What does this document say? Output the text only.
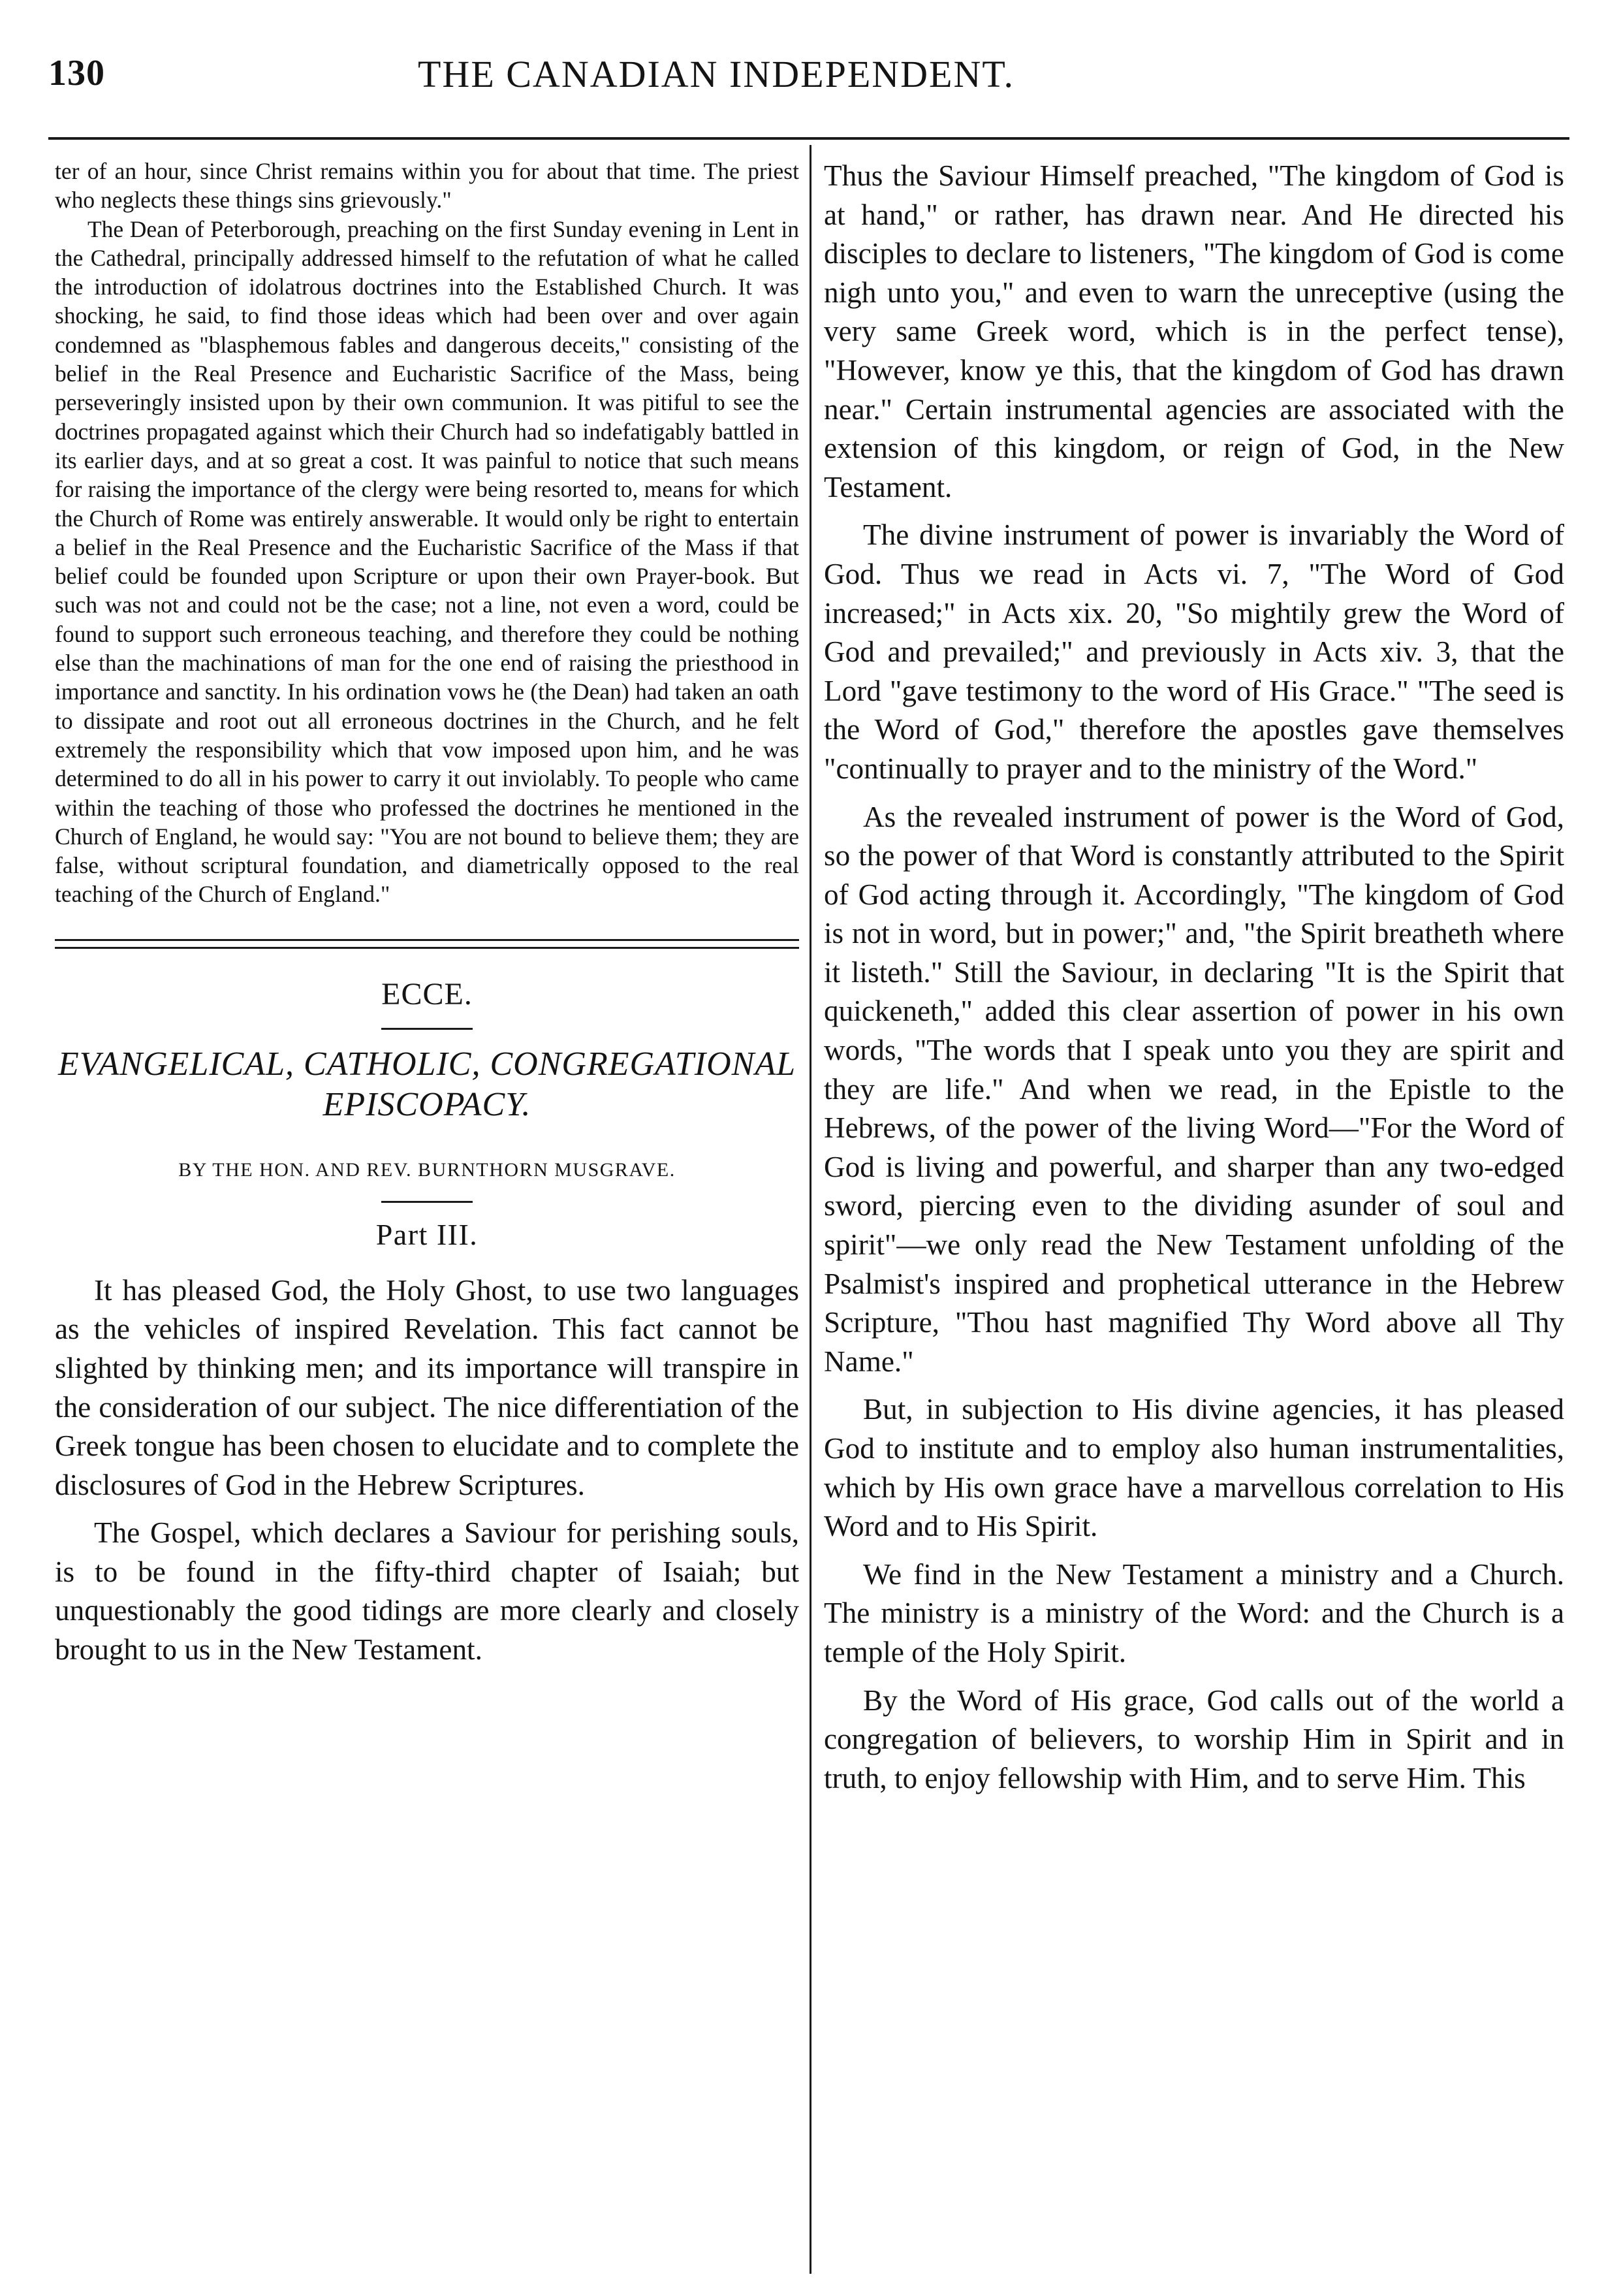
130	THE CANADIAN INDEPENDENT.

ter of an hour, since Christ remains within you for about that time. The priest who neglects these things sins grievously."

The Dean of Peterborough, preaching on the first Sunday evening in Lent in the Cathedral, principally addressed himself to the refutation of what he called the introduction of idolatrous doctrines into the Established Church. It was shocking, he said, to find those ideas which had been over and over again condemned as "blasphemous fables and dangerous deceits," consisting of the belief in the Real Presence and Eucharistic Sacrifice of the Mass, being perseveringly insisted upon by their own communion. It was pitiful to see the doctrines propagated against which their Church had so indefatigably battled in its earlier days, and at so great a cost. It was painful to notice that such means for raising the importance of the clergy were being resorted to, means for which the Church of Rome was entirely answerable. It would only be right to entertain a belief in the Real Presence and the Eucharistic Sacrifice of the Mass if that belief could be founded upon Scripture or upon their own Prayer-book. But such was not and could not be the case; not a line, not even a word, could be found to support such erroneous teaching, and therefore they could be nothing else than the machinations of man for the one end of raising the priesthood in importance and sanctity. In his ordination vows he (the Dean) had taken an oath to dissipate and root out all erroneous doctrines in the Church, and he felt extremely the responsibility which that vow imposed upon him, and he was determined to do all in his power to carry it out inviolably. To people who came within the teaching of those who professed the doctrines he mentioned in the Church of England, he would say: "You are not bound to believe them; they are false, without scriptural foundation, and diametrically opposed to the real teaching of the Church of England."

ECCE.
EVANGELICAL, CATHOLIC, CONGREGATIONAL EPISCOPACY.
BY THE HON. AND REV. BURNTHORN MUSGRAVE.
Part III.

It has pleased God, the Holy Ghost, to use two languages as the vehicles of inspired Revelation. This fact cannot be slighted by thinking men; and its importance will transpire in the consideration of our subject. The nice differentiation of the Greek tongue has been chosen to elucidate and to complete the disclosures of God in the Hebrew Scriptures.

The Gospel, which declares a Saviour for perishing souls, is to be found in the fifty-third chapter of Isaiah; but unquestionably the good tidings are more clearly and closely brought to us in the New Testament.

Thus the Saviour Himself preached, "The kingdom of God is at hand," or rather, has drawn near. And He directed his disciples to declare to listeners, "The kingdom of God is come nigh unto you," and even to warn the unreceptive (using the very same Greek word, which is in the perfect tense), "However, know ye this, that the kingdom of God has drawn near." Certain instrumental agencies are associated with the extension of this kingdom, or reign of God, in the New Testament.

The divine instrument of power is invariably the Word of God. Thus we read in Acts vi. 7, "The Word of God increased;" in Acts xix. 20, "So mightily grew the Word of God and prevailed;" and previously in Acts xiv. 3, that the Lord "gave testimony to the word of His Grace." "The seed is the Word of God," therefore the apostles gave themselves "continually to prayer and to the ministry of the Word."

As the revealed instrument of power is the Word of God, so the power of that Word is constantly attributed to the Spirit of God acting through it. Accordingly, "The kingdom of God is not in word, but in power;" and, "the Spirit breatheth where it listeth." Still the Saviour, in declaring "It is the Spirit that quickeneth," added this clear assertion of power in his own words, "The words that I speak unto you they are spirit and they are life." And when we read, in the Epistle to the Hebrews, of the power of the living Word—"For the Word of God is living and powerful, and sharper than any two-edged sword, piercing even to the dividing asunder of soul and spirit"—we only read the New Testament unfolding of the Psalmist's inspired and prophetical utterance in the Hebrew Scripture, "Thou hast magnified Thy Word above all Thy Name."

But, in subjection to His divine agencies, it has pleased God to institute and to employ also human instrumentalities, which by His own grace have a marvellous correlation to His Word and to His Spirit.

We find in the New Testament a ministry and a Church. The ministry is a ministry of the Word: and the Church is a temple of the Holy Spirit.

By the Word of His grace, God calls out of the world a congregation of believers, to worship Him in Spirit and in truth, to enjoy fellowship with Him, and to serve Him. This
